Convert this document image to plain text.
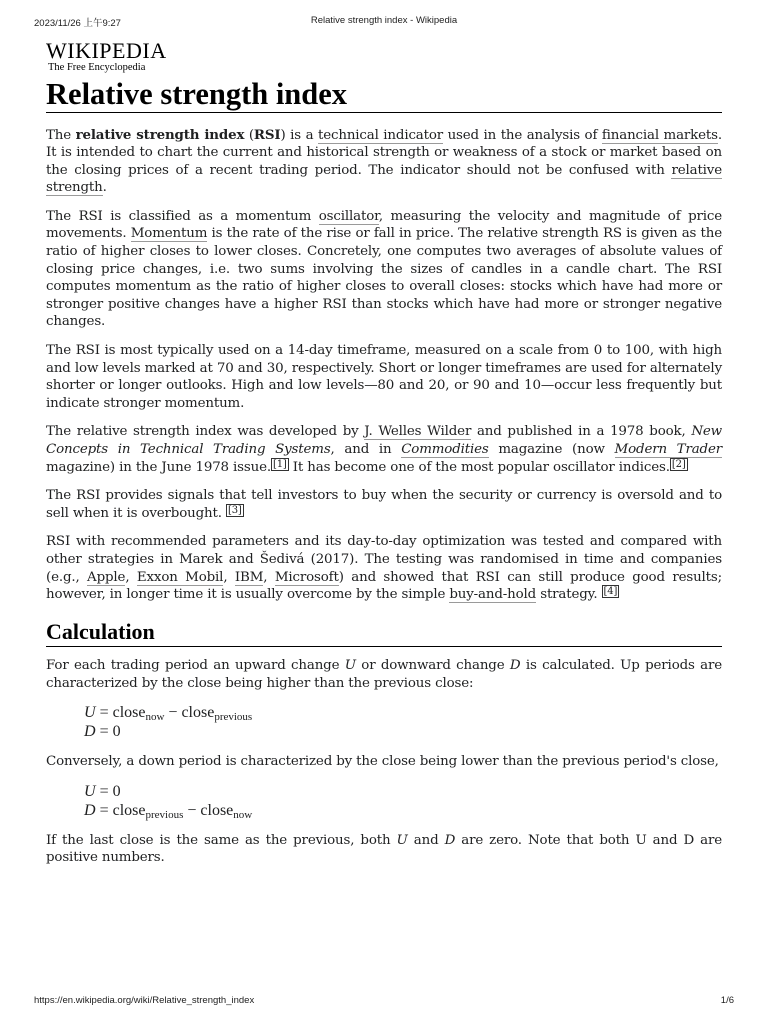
2023/11/26 上午9:27	Relative strength index - Wikipedia
WIKIPEDIA
The Free Encyclopedia
Relative strength index

The relative strength index (RSI) is a technical indicator used in the analysis of financial markets. It is intended to chart the current and historical strength or weakness of a stock or market based on the closing prices of a recent trading period. The indicator should not be confused with relative strength.

The RSI is classified as a momentum oscillator, measuring the velocity and magnitude of price movements. Momentum is the rate of the rise or fall in price. The relative strength RS is given as the ratio of higher closes to lower closes. Concretely, one computes two averages of absolute values of closing price changes, i.e. two sums involving the sizes of candles in a candle chart. The RSI computes momentum as the ratio of higher closes to overall closes: stocks which have had more or stronger positive changes have a higher RSI than stocks which have had more or stronger negative changes.

The RSI is most typically used on a 14-day timeframe, measured on a scale from 0 to 100, with high and low levels marked at 70 and 30, respectively. Short or longer timeframes are used for alternately shorter or longer outlooks. High and low levels—80 and 20, or 90 and 10—occur less frequently but indicate stronger momentum.

The relative strength index was developed by J. Welles Wilder and published in a 1978 book, New Concepts in Technical Trading Systems, and in Commodities magazine (now Modern Trader magazine) in the June 1978 issue. [1] It has become one of the most popular oscillator indices. [2]

The RSI provides signals that tell investors to buy when the security or currency is oversold and to sell when it is overbought. [3]

RSI with recommended parameters and its day-to-day optimization was tested and compared with other strategies in Marek and Šedivá (2017). The testing was randomised in time and companies (e.g., Apple, Exxon Mobil, IBM, Microsoft) and showed that RSI can still produce good results; however, in longer time it is usually overcome by the simple buy-and-hold strategy. [4]

Calculation

For each trading period an upward change U or downward change D is calculated. Up periods are characterized by the close being higher than the previous close:

U = close$_{now}$ − close$_{previous}$
D = 0

Conversely, a down period is characterized by the close being lower than the previous period's close,

U = 0
D = close$_{previous}$ − close$_{now}$

If the last close is the same as the previous, both U and D are zero. Note that both U and D are positive numbers.

https://en.wikipedia.org/wiki/Relative_strength_index	1/6
